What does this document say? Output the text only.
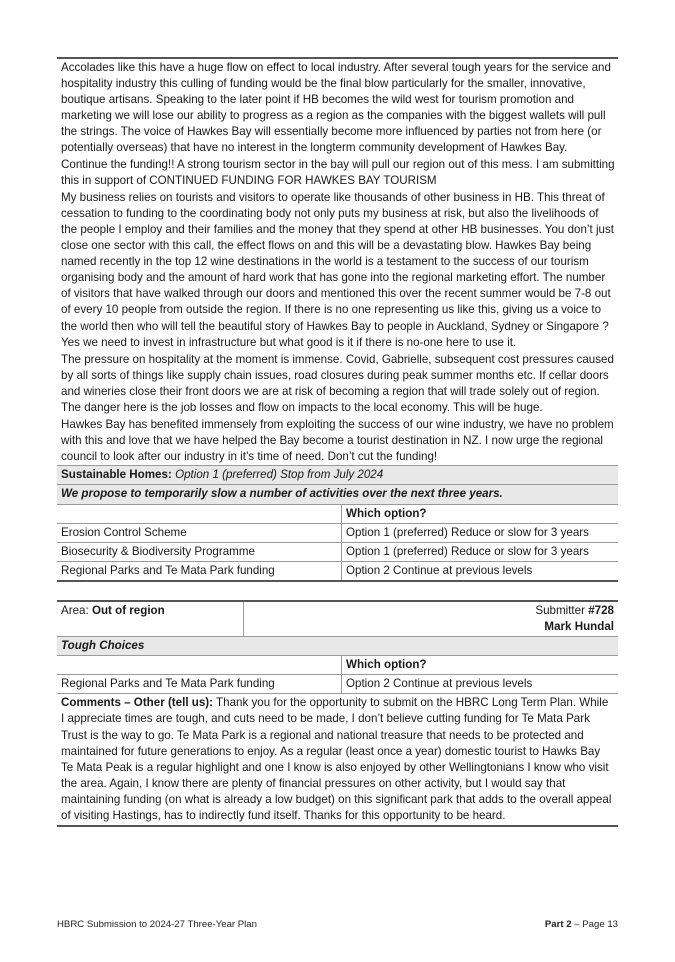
Accolades like this have a huge flow on effect to local industry. After several tough years for the service and hospitality industry this culling of funding would be the final blow particularly for the smaller, innovative, boutique artisans. Speaking to the later point if HB becomes the wild west for tourism promotion and marketing we will lose our ability to progress as a region as the companies with the biggest wallets will pull the strings. The voice of Hawkes Bay will essentially become more influenced by parties not from here (or potentially overseas) that have no interest in the longterm community development of Hawkes Bay. Continue the funding!! A strong tourism sector in the bay will pull our region out of this mess. I am submitting this in support of CONTINUED FUNDING FOR HAWKES BAY TOURISM
My business relies on tourists and visitors to operate like thousands of other business in HB. This threat of cessation to funding to the coordinating body not only puts my business at risk, but also the livelihoods of the people I employ and their families and the money that they spend at other HB businesses. You don’t just close one sector with this call, the effect flows on and this will be a devastating blow. Hawkes Bay being named recently in the top 12 wine destinations in the world is a testament to the success of our tourism organising body and the amount of hard work that has gone into the regional marketing effort. The number of visitors that have walked through our doors and mentioned this over the recent summer would be 7-8 out of every 10 people from outside the region. If there is no one representing us like this, giving us a voice to the world then who will tell the beautiful story of Hawkes Bay to people in Auckland, Sydney or Singapore ? Yes we need to invest in infrastructure but what good is it if there is no-one here to use it.
The pressure on hospitality at the moment is immense. Covid, Gabrielle, subsequent cost pressures caused by all sorts of things like supply chain issues, road closures during peak summer months etc. If cellar doors and wineries close their front doors we are at risk of becoming a region that will trade solely out of region. The danger here is the job losses and flow on impacts to the local economy. This will be huge.
Hawkes Bay has benefited immensely from exploiting the success of our wine industry, we have no problem with this and love that we have helped the Bay become a tourist destination in NZ. I now urge the regional council to look after our industry in it’s time of need. Don’t cut the funding!
Sustainable Homes: Option 1 (preferred) Stop from July 2024
We propose to temporarily slow a number of activities over the next three years.
Which option?
Erosion Control Scheme	Option 1 (preferred) Reduce or slow for 3 years
Biosecurity & Biodiversity Programme	Option 1 (preferred) Reduce or slow for 3 years
Regional Parks and Te Mata Park funding	Option 2 Continue at previous levels
Area: Out of region	Submitter #728
Mark Hundal
Tough Choices
Which option?
Regional Parks and Te Mata Park funding	Option 2 Continue at previous levels
Comments – Other (tell us): Thank you for the opportunity to submit on the HBRC Long Term Plan. While I appreciate times are tough, and cuts need to be made, I don’t believe cutting funding for Te Mata Park Trust is the way to go. Te Mata Park is a regional and national treasure that needs to be protected and maintained for future generations to enjoy. As a regular (least once a year) domestic tourist to Hawks Bay Te Mata Peak is a regular highlight and one I know is also enjoyed by other Wellingtonians I know who visit the area. Again, I know there are plenty of financial pressures on other activity, but I would say that maintaining funding (on what is already a low budget) on this significant park that adds to the overall appeal of visiting Hastings, has to indirectly fund itself. Thanks for this opportunity to be heard.
HBRC Submission to 2024-27 Three-Year Plan	Part 2 – Page 13
